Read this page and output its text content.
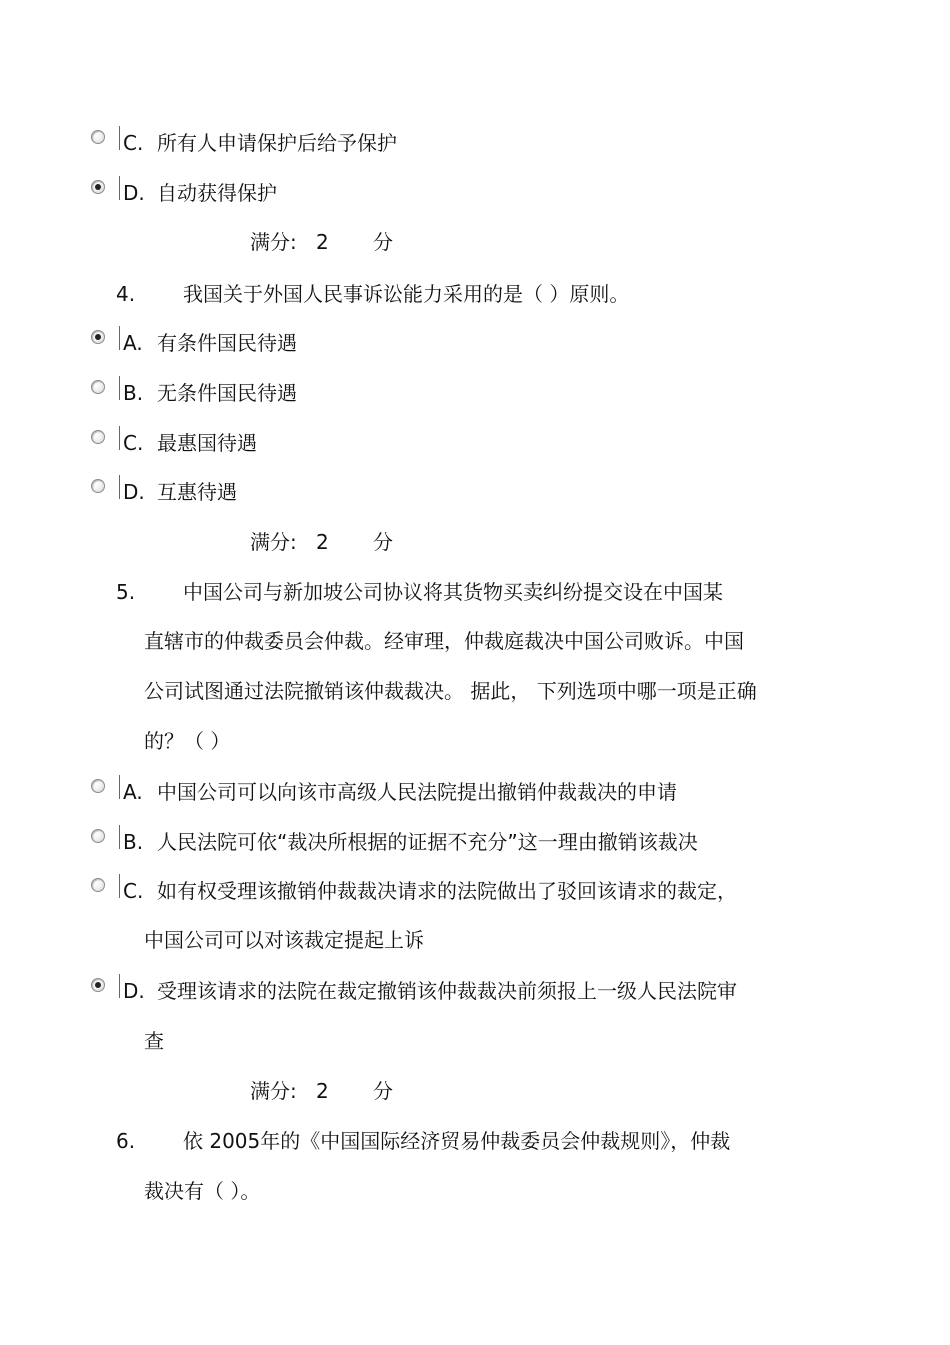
C. 所有人申请保护后给予保护
D. 自动获得保护
满分: 2 分
4. 我国关于外国人民事诉讼能力采用的是（ ）原则。
A. 有条件国民待遇
B. 无条件国民待遇
C. 最惠国待遇
D. 互惠待遇
满分: 2 分
5. 中国公司与新加坡公司协议将其货物买卖纠纷提交设在中国某
直辖市的仲裁委员会仲裁。经审理，仲裁庭裁决中国公司败诉。中国
公司试图通过法院撤销该仲裁裁决。 据此， 下列选项中哪一项是正确
的？（ ）
A. 中国公司可以向该市高级人民法院提出撤销仲裁裁决的申请
B. 人民法院可依“裁决所根据的证据不充分”这一理由撤销该裁决
C. 如有权受理该撤销仲裁裁决请求的法院做出了驳回该请求的裁定，
中国公司可以对该裁定提起上诉
D. 受理该请求的法院在裁定撤销该仲裁裁决前须报上一级人民法院审
查
满分: 2 分
6. 依 2005年的《中国国际经济贸易仲裁委员会仲裁规则》，仲裁
裁决有（ ）。
